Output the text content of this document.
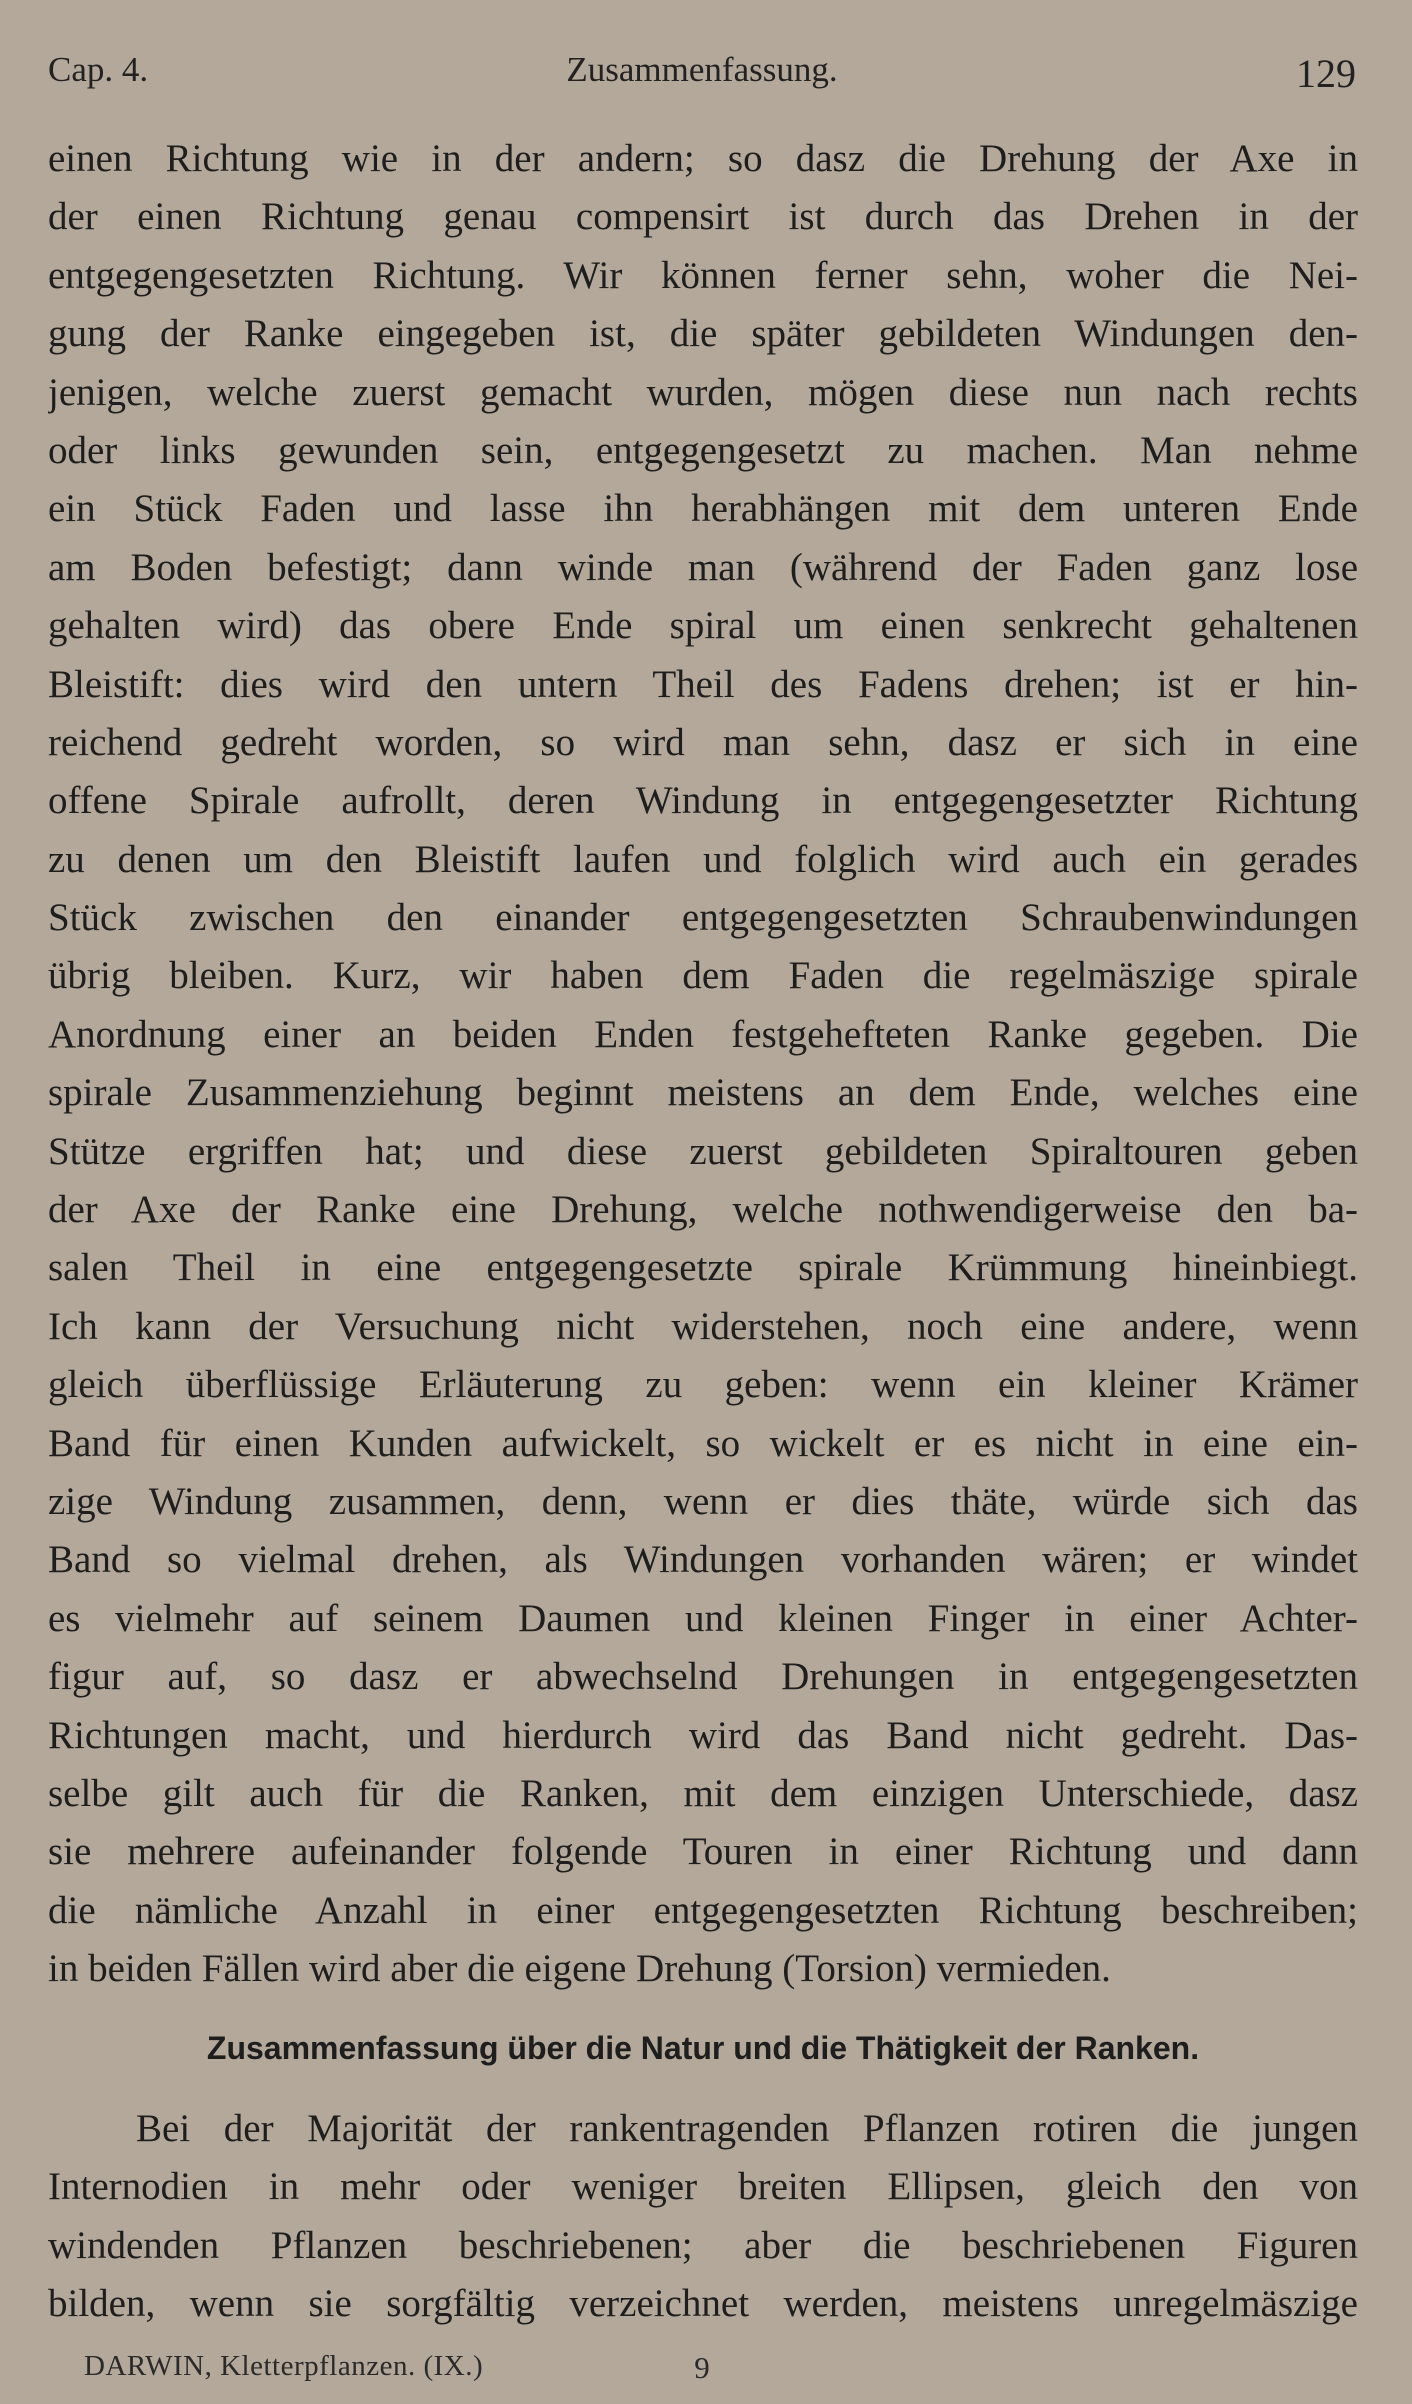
Cap. 4.	Zusammenfassung.	129
einen Richtung wie in der andern; so dasz die Drehung der Axe in
der einen Richtung genau compensirt ist durch das Drehen in der
entgegengesetzten Richtung. Wir können ferner sehn, woher die Nei-
gung der Ranke eingegeben ist, die später gebildeten Windungen den-
jenigen, welche zuerst gemacht wurden, mögen diese nun nach rechts
oder links gewunden sein, entgegengesetzt zu machen. Man nehme
ein Stück Faden und lasse ihn herabhängen mit dem unteren Ende
am Boden befestigt; dann winde man (während der Faden ganz lose
gehalten wird) das obere Ende spiral um einen senkrecht gehaltenen
Bleistift: dies wird den untern Theil des Fadens drehen; ist er hin-
reichend gedreht worden, so wird man sehn, dasz er sich in eine
offene Spirale aufrollt, deren Windung in entgegengesetzter Richtung
zu denen um den Bleistift laufen und folglich wird auch ein gerades
Stück zwischen den einander entgegengesetzten Schraubenwindungen
übrig bleiben. Kurz, wir haben dem Faden die regelmäszige spirale
Anordnung einer an beiden Enden festgehefteten Ranke gegeben. Die
spirale Zusammenziehung beginnt meistens an dem Ende, welches eine
Stütze ergriffen hat; und diese zuerst gebildeten Spiraltouren geben
der Axe der Ranke eine Drehung, welche nothwendigerweise den ba-
salen Theil in eine entgegengesetzte spirale Krümmung hineinbiegt.
Ich kann der Versuchung nicht widerstehen, noch eine andere, wenn
gleich überflüssige Erläuterung zu geben: wenn ein kleiner Krämer
Band für einen Kunden aufwickelt, so wickelt er es nicht in eine ein-
zige Windung zusammen, denn, wenn er dies thäte, würde sich das
Band so vielmal drehen, als Windungen vorhanden wären; er windet
es vielmehr auf seinem Daumen und kleinen Finger in einer Achter-
figur auf, so dasz er abwechselnd Drehungen in entgegengesetzten
Richtungen macht, und hierdurch wird das Band nicht gedreht. Das-
selbe gilt auch für die Ranken, mit dem einzigen Unterschiede, dasz
sie mehrere aufeinander folgende Touren in einer Richtung und dann
die nämliche Anzahl in einer entgegengesetzten Richtung beschreiben;
in beiden Fällen wird aber die eigene Drehung (Torsion) vermieden.
Zusammenfassung über die Natur und die Thätigkeit der Ranken.
Bei der Majorität der rankentragenden Pflanzen rotiren die jungen
Internodien in mehr oder weniger breiten Ellipsen, gleich den von
windenden Pflanzen beschriebenen; aber die beschriebenen Figuren
bilden, wenn sie sorgfältig verzeichnet werden, meistens unregelmäszige
DARWIN, Kletterpflanzen. (IX.)	9
